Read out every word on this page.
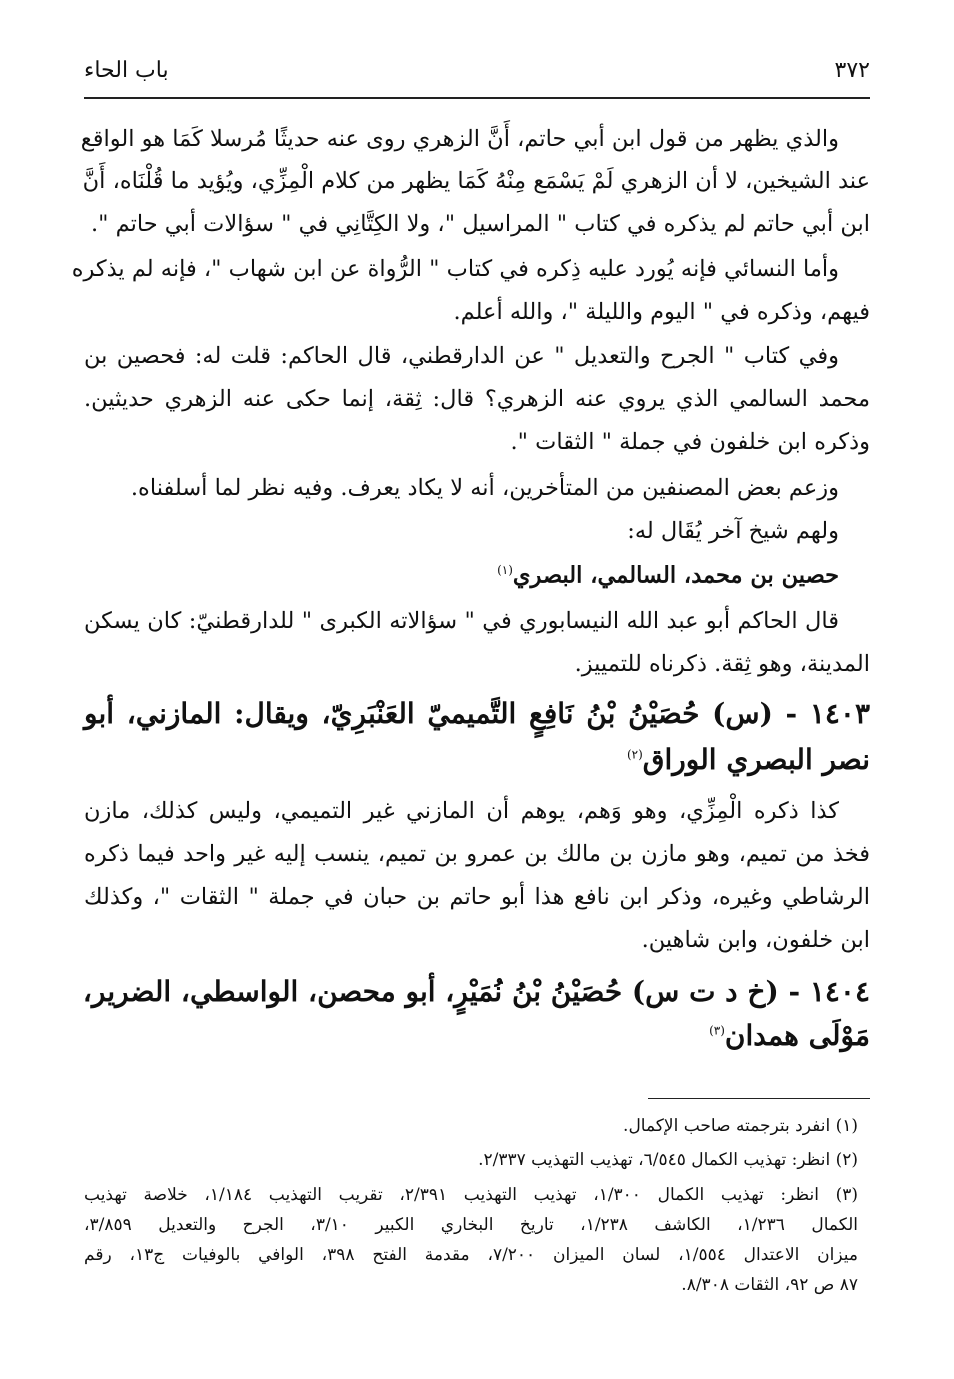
باب الحاء	٣٧٢
والذي يظهر من قول ابن أبي حاتم، أَنَّ الزهري روى عنه حديثًا مُرسلا كَمَا هو الواقع
عند الشيخين، لا أن الزهري لَمْ يَسْمَع مِنْهُ كَمَا يظهر من كلام الْمِزِّي، ويُؤيد ما قُلْنَاه، أَنَّ
ابن أبي حاتم لم يذكره في كتاب " المراسيل "، ولا الكِتَّانِي في " سؤالات أبي حاتم ".
وأما النسائي فإنه يُورد عليه ذِكره في كتاب " الرُّواة عن ابن شهاب "، فإنه لم يذكره
فيهم، وذكره في " اليوم والليلة "، والله أعلم.
وفي كتاب " الجرح والتعديل " عن الدارقطني، قال الحاكم: قلت له: فحصين بن
محمد السالمي الذي يروي عنه الزهري؟ قال: ثِقة، إنما حكى عنه الزهري حديثين.
وذكره ابن خلفون في جملة " الثقات ".
وزعم بعض المصنفين من المتأخرين، أنه لا يكاد يعرف. وفيه نظر لما أسلفناه.
ولهم شيخ آخر يُقَال له:
حصين بن محمد، السالمي، البصري$^{(١)}$
قال الحاكم أبو عبد الله النيسابوري في " سؤالاته الكبرى " للدارقطنيّ: كان يسكن
المدينة، وهو ثِقة. ذكرناه للتمييز.
١٤٠٣ - (س) حُصَيْنُ بْنُ نَافِعٍ التَّميميّ العَنْبَرِيّ، ويقال: المازني، أبو
نصر البصري الوراق$^{(٢)}$
كذا ذكره الْمِزِّي، وهو وَهم، يوهم أن المازني غير التميمي، وليس كذلك، مازن
فخذ من تميم، وهو مازن بن مالك بن عمرو بن تميم، ينسب إليه غير واحد فيما ذكره
الرشاطي وغيره، وذكر ابن نافع هذا أبو حاتم بن حبان في جملة " الثقات "، وكذلك
ابن خلفون، وابن شاهين.
١٤٠٤ - (خ د ت س) حُصَيْنُ بْنُ نُمَيْرٍ، أبو محصن، الواسطي، الضرير،
مَوْلَى همدان$^{(٣)}$
(١) انفرد بترجمته صاحب الإكمال.
(٢) انظر: تهذيب الكمال ٦/٥٤٥، تهذيب التهذيب ٢/٣٣٧.
(٣) انظر: تهذيب الكمال ١/٣٠٠، تهذيب التهذيب ٢/٣٩١، تقريب التهذيب ١/١٨٤، خلاصة تهذيب
الكمال ١/٢٣٦، الكاشف ١/٢٣٨، تاريخ البخاري الكبير ٣/١٠، الجرح والتعديل ٣/٨٥٩،
ميزان الاعتدال ١/٥٥٤، لسان الميزان ٧/٢٠٠، مقدمة الفتح ٣٩٨، الوافي بالوفيات ج١٣، رقم
٨٧ ص ٩٢، الثقات ٨/٣٠٨.
